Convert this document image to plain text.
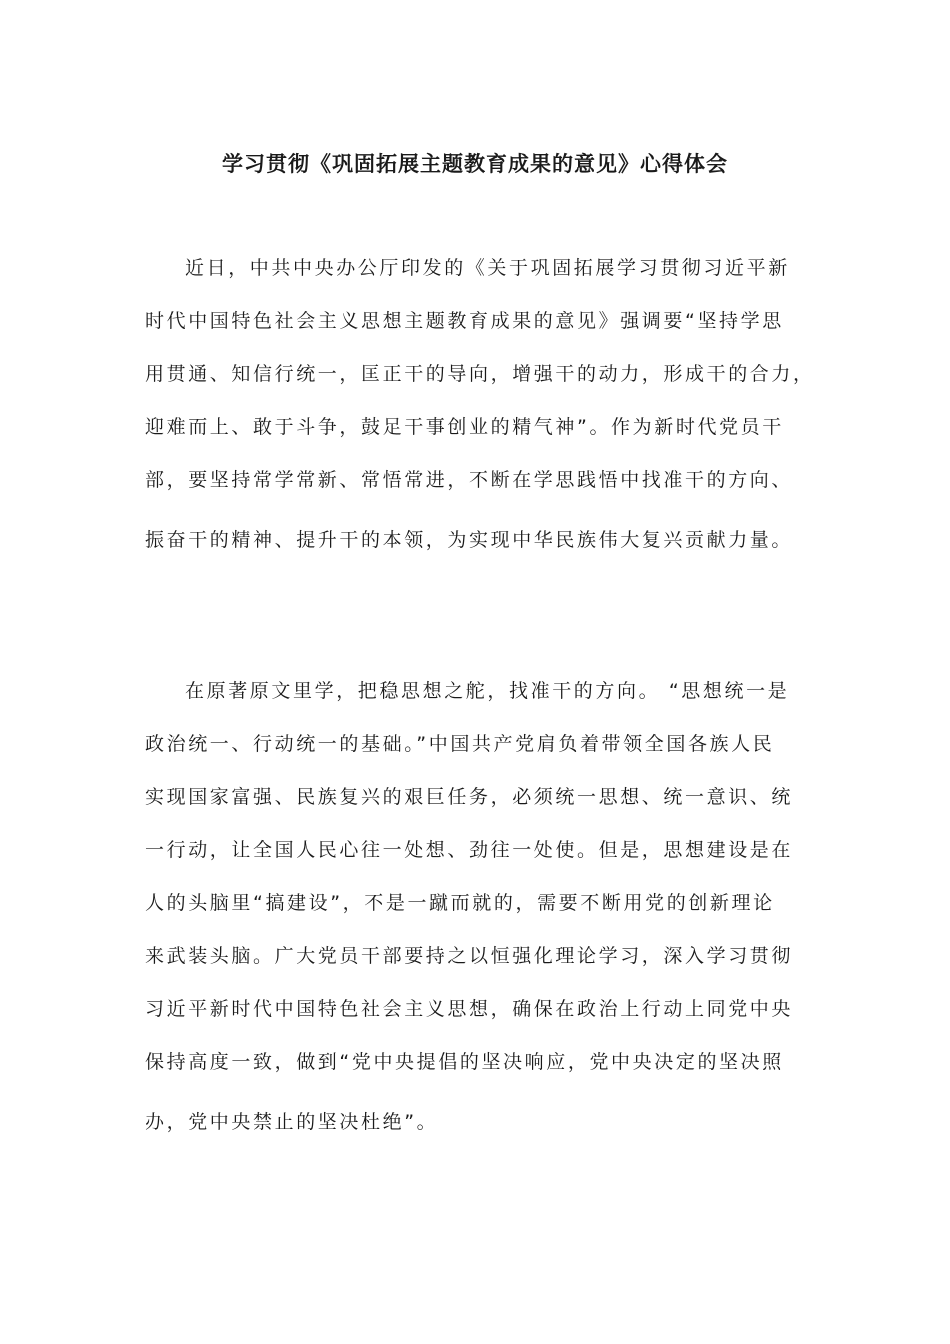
学习贯彻《巩固拓展主题教育成果的意见》心得体会
近日，中共中央办公厅印发的《关于巩固拓展学习贯彻习近平新
时代中国特色社会主义思想主题教育成果的意见》强调要“坚持学思
用贯通、知信行统一，匡正干的导向，增强干的动力，形成干的合力，
迎难而上、敢于斗争，鼓足干事创业的精气神”。作为新时代党员干
部，要坚持常学常新、常悟常进，不断在学思践悟中找准干的方向、
振奋干的精神、提升干的本领，为实现中华民族伟大复兴贡献力量。
在原著原文里学，把稳思想之舵，找准干的方向。 “思想统一是
政治统一、行动统一的基础。”中国共产党肩负着带领全国各族人民
实现国家富强、民族复兴的艰巨任务，必须统一思想、统一意识、统
一行动，让全国人民心往一处想、劲往一处使。但是，思想建设是在
人的头脑里“搞建设”，不是一蹴而就的，需要不断用党的创新理论
来武装头脑。广大党员干部要持之以恒强化理论学习，深入学习贯彻
习近平新时代中国特色社会主义思想，确保在政治上行动上同党中央
保持高度一致，做到“党中央提倡的坚决响应，党中央决定的坚决照
办，党中央禁止的坚决杜绝”。
